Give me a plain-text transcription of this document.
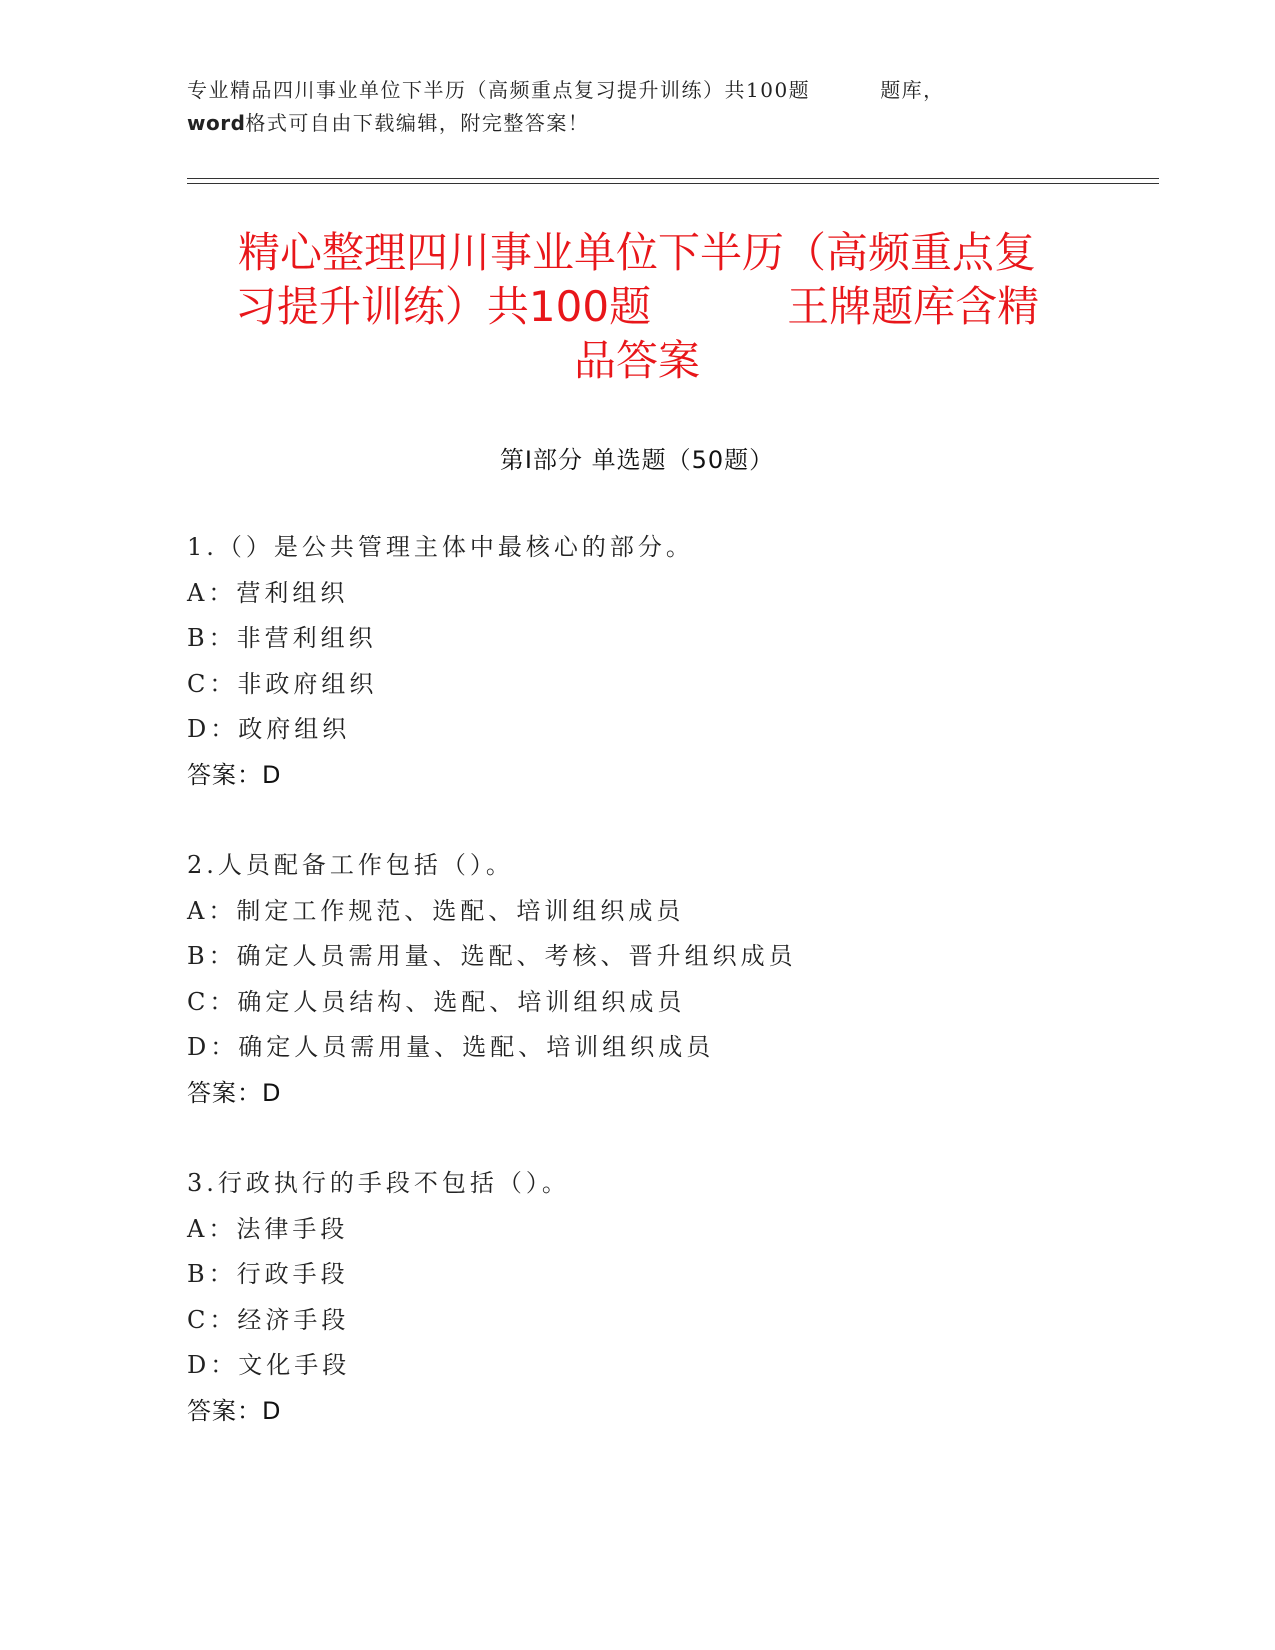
专业精品四川事业单位下半历（高频重点复习提升训练）共100题	题库，
word格式可自由下载编辑，附完整答案！
精心整理四川事业单位下半历（高频重点复
习提升训练）共100题	王牌题库含精
品答案
第Ⅰ部分 单选题（50题）
1.（）是公共管理主体中最核心的部分。
A：营利组织
B：非营利组织
C：非政府组织
D：政府组织
答案：D
2.人员配备工作包括（）。
A：制定工作规范、选配、培训组织成员
B：确定人员需用量、选配、考核、晋升组织成员
C：确定人员结构、选配、培训组织成员
D：确定人员需用量、选配、培训组织成员
答案：D
3.行政执行的手段不包括（）。
A：法律手段
B：行政手段
C：经济手段
D：文化手段
答案：D
